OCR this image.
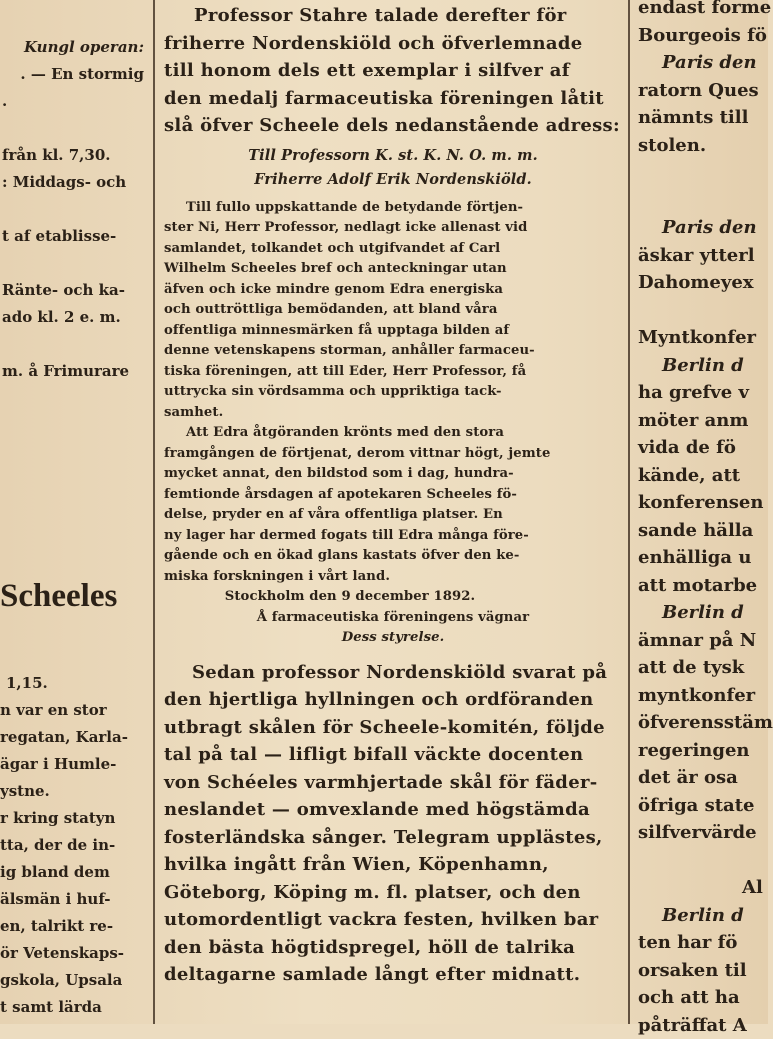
Kungl operan:
. — En stormig
.
från kl. 7,30.
: Middags- och
t af etablisse-
Ränte- och ka-
ado kl. 2 e. m.
m. å Frimurare
Scheeles
1,15.
n var en stor
regatan, Karla-
ägar i Humle-
ystne.
r kring statyn
tta, der de in-
ig bland dem
älsmän i huf-
en, talrikt re-
ör Vetenskaps-
gskola, Upsala
t samt lärda
Professor Stahre talade derefter för
friherre Nordenskiöld och öfverlemnade
till honom dels ett exemplar i silfver af
den medalj farmaceutiska föreningen låtit
slå öfver Scheele dels nedanstående adress:
Till Professorn K. st. K. N. O. m. m.
Friherre Adolf Erik Nordenskiöld.
Till fullo uppskattande de betydande förtjen-
ster Ni, Herr Professor, nedlagt icke allenast vid
samlandet, tolkandet och utgifvandet af Carl
Wilhelm Scheeles bref och anteckningar utan
äfven och icke mindre genom Edra energiska
och outtröttliga bemödanden, att bland våra
offentliga minnesmärken få upptaga bilden af
denne vetenskapens storman, anhåller farmaceu-
tiska föreningen, att till Eder, Herr Professor, få
uttrycka sin vördsamma och uppriktiga tack-
samhet.
Att Edra åtgöranden krönts med den stora
framgången de förtjenat, derom vittnar högt, jemte
mycket annat, den bildstod som i dag, hundra-
femtionde årsdagen af apotekaren Scheeles fö-
delse, pryder en af våra offentliga platser. En
ny lager har dermed fogats till Edra många före-
gående och en ökad glans kastats öfver den ke-
miska forskningen i vårt land.
Stockholm den 9 december 1892.
Å farmaceutiska föreningens vägnar
Dess styrelse.
Sedan professor Nordenskiöld svarat på
den hjertliga hyllningen och ordföranden
utbragt skålen för Scheele-komitén, följde
tal på tal — lifligt bifall väckte docenten
von Schéeles varmhjertade skål för fäder-
neslandet — omvexlande med högstämda
fosterländska sånger. Telegram upplästes,
hvilka ingått från Wien, Köpenhamn,
Göteborg, Köping m. fl. platser, och den
utomordentligt vackra festen, hvilken bar
den bästa högtidspregel, höll de talrika
deltagarne samlade långt efter midnatt.
endast forme
Bourgeois fö
Paris den
ratorn Ques
nämnts till
stolen.
Paris den
äskar ytterl
Dahomeyex
Myntkonfer
Berlin d
ha grefve v
möter anm
vida de fö
kände, att
konferensen
sande hälla
enhälliga u
att motarbe
Berlin d
ämnar på N
att de tysk
myntkonfer
öfverensstäm
regeringen
det är osa
öfriga state
silfvervärde
Al
Berlin d
ten har fö
orsaken til
och att ha
påträffat A
